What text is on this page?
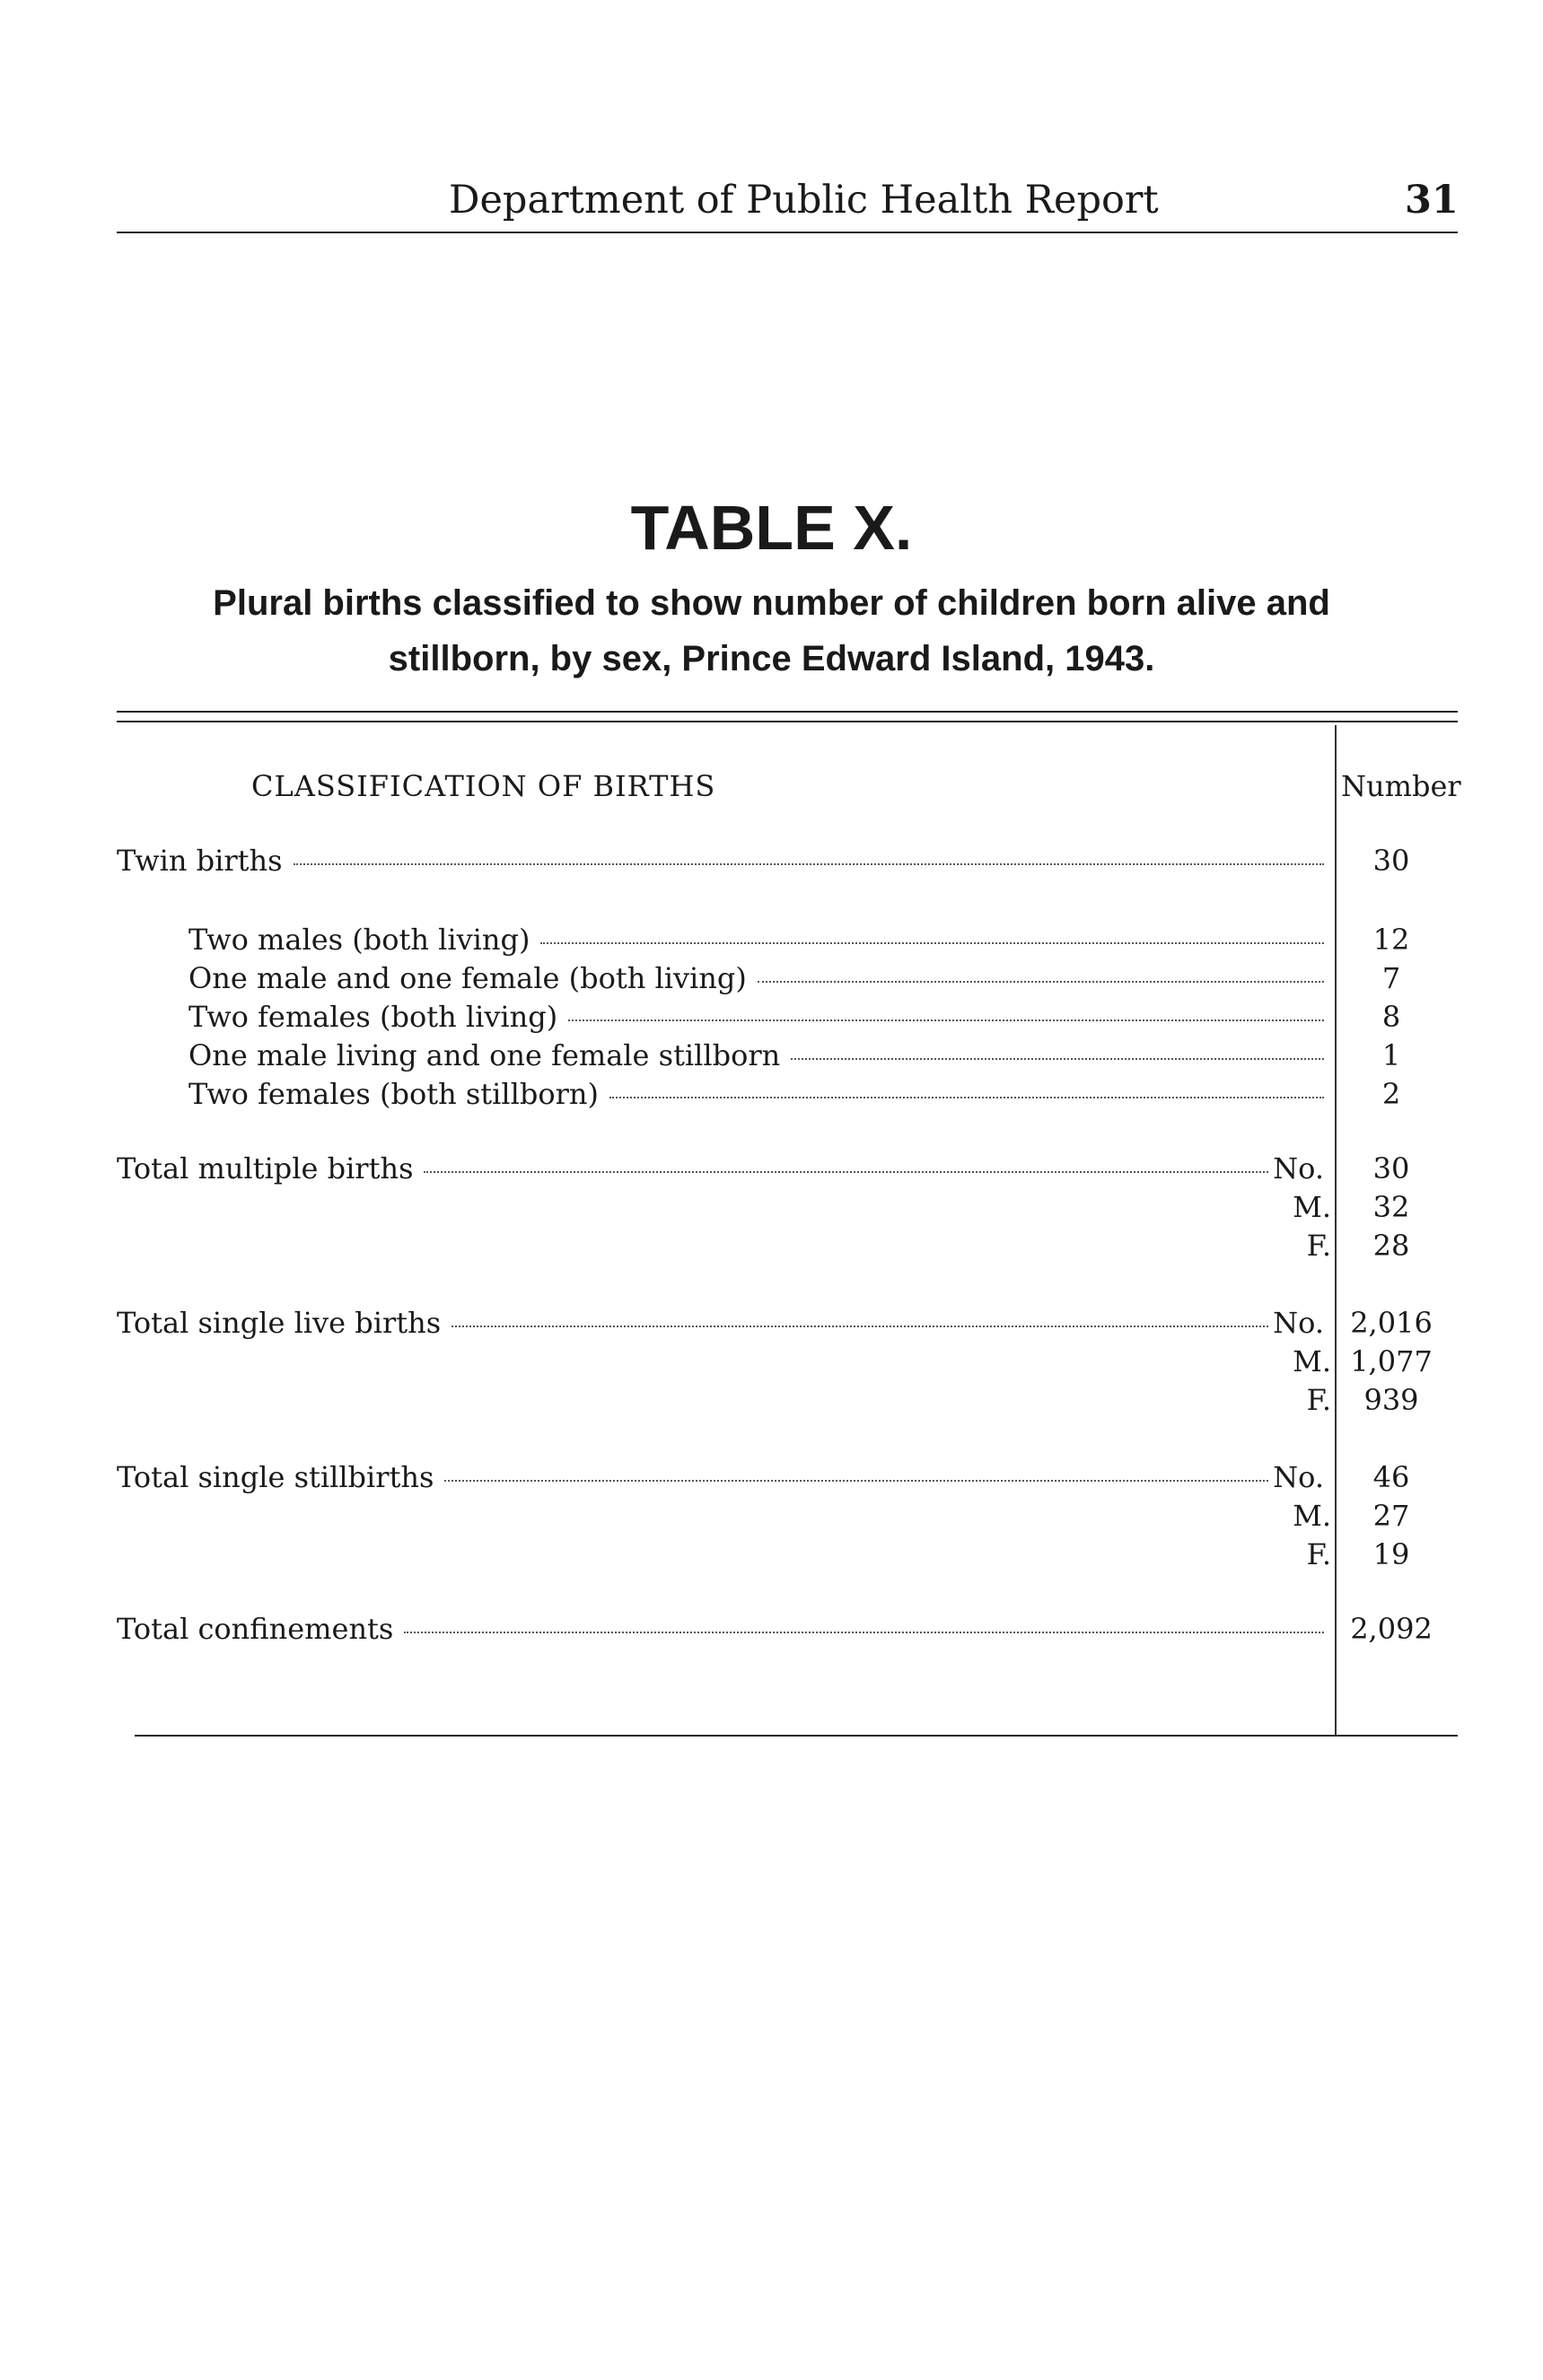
Department of Public Health Report	31
TABLE X.
Plural births classified to show number of children born alive and
stillborn, by sex, Prince Edward Island, 1943.
CLASSIFICATION OF BIRTHS	Number
Twin births	30
Two males (both living)	12
One male and one female (both living)	7
Two females (both living)	8
One male living and one female stillborn	1
Two females (both stillborn)	2
Total multiple births	No.	30
M.	32
F.	28
Total single live births	No. 2,016
M. 1,077
F.	939
Total single stillbirths	No.	46
M.	27
F.	19
Total confinements	2,092
